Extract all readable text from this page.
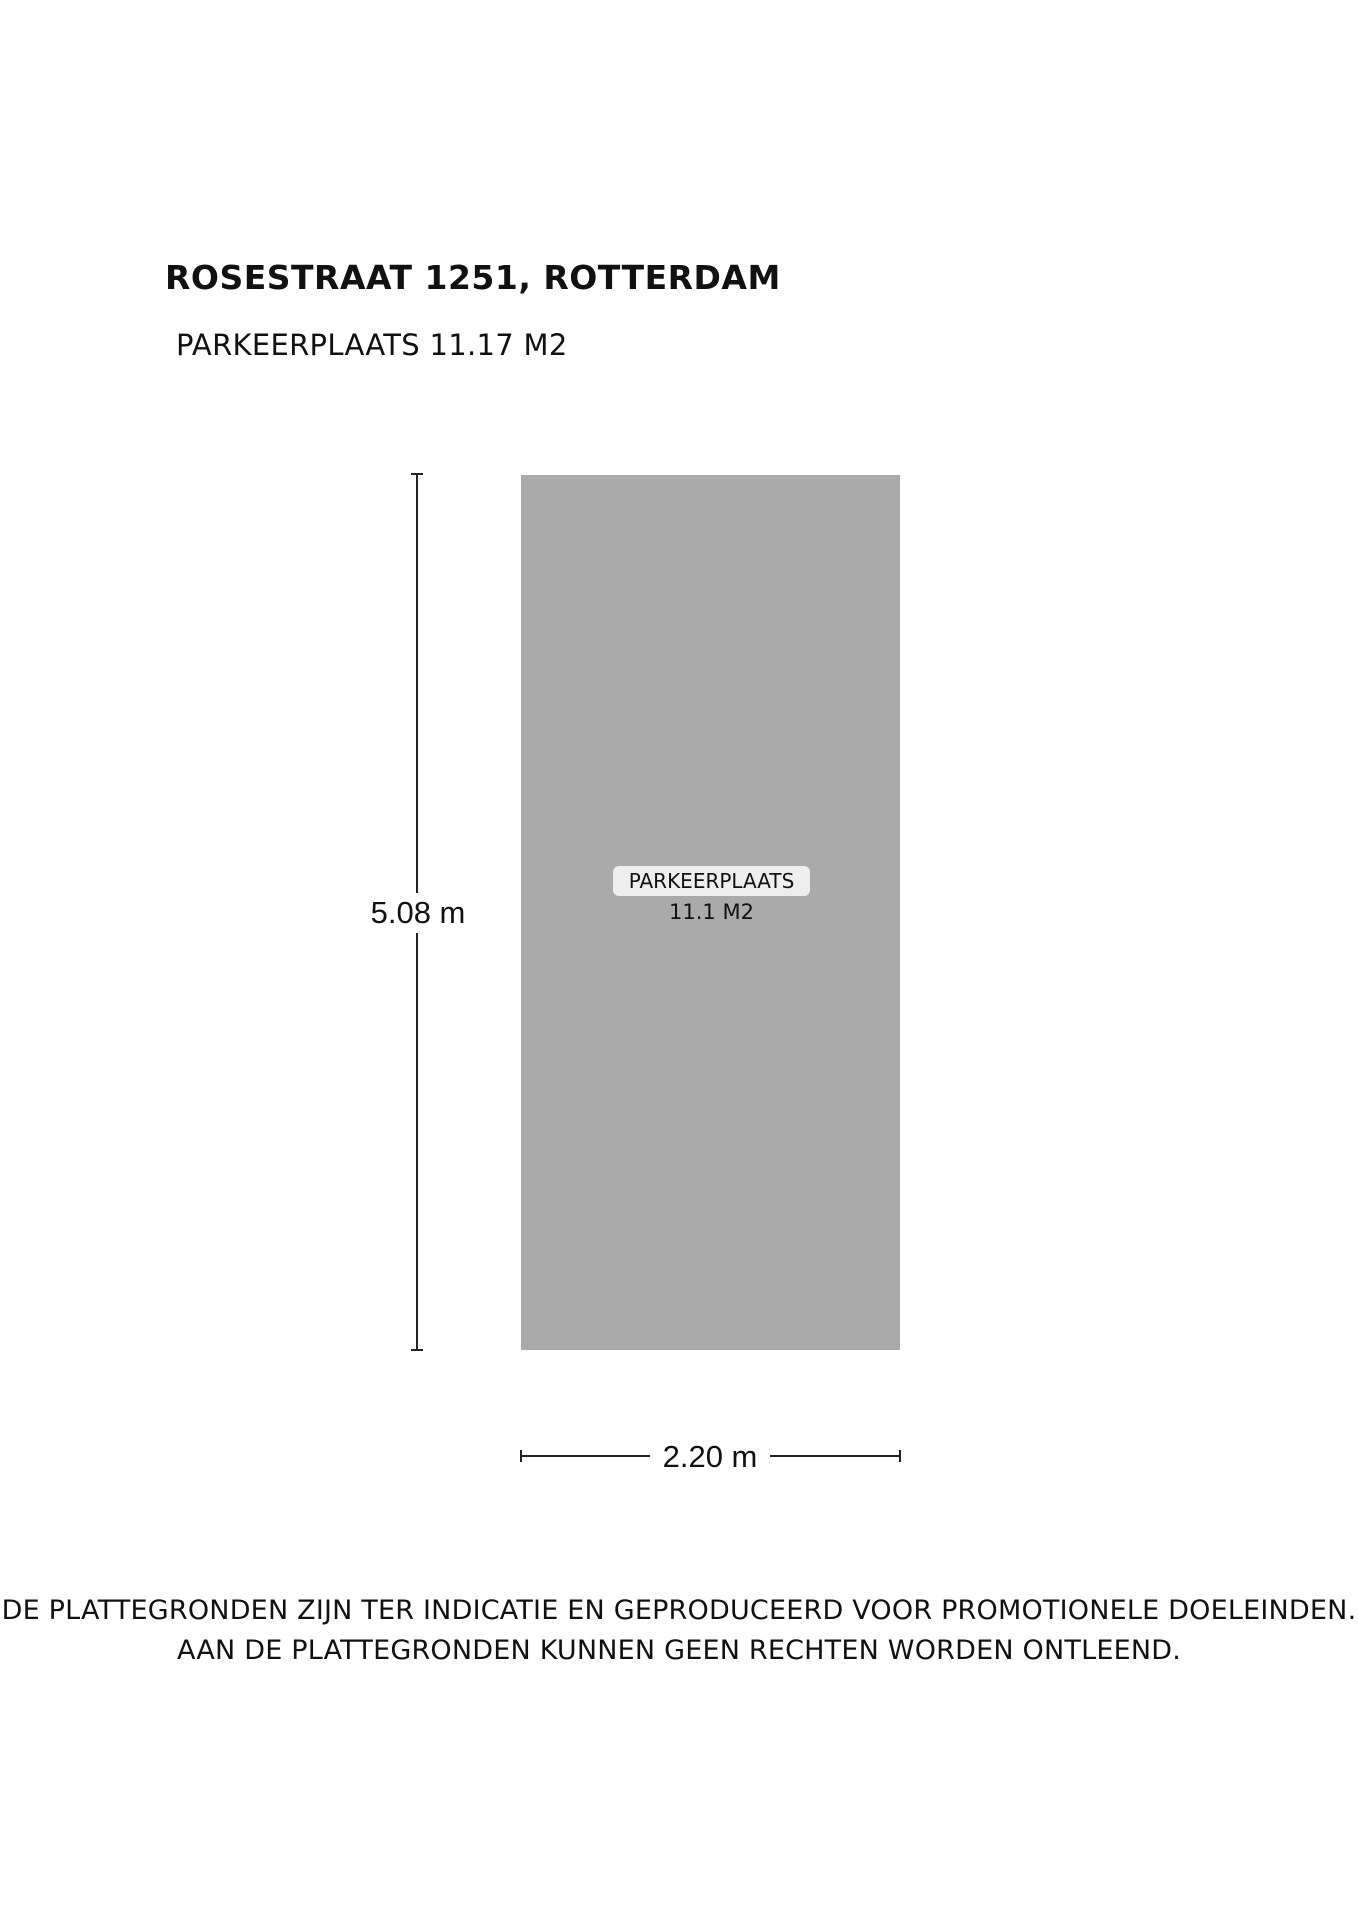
ROSESTRAAT 1251, ROTTERDAM
PARKEERPLAATS 11.17 M2
PARKEERPLAATS
11.1 M2
5.08 m
2.20 m
DE PLATTEGRONDEN ZIJN TER INDICATIE EN GEPRODUCEERD VOOR PROMOTIONELE DOELEINDEN.
AAN DE PLATTEGRONDEN KUNNEN GEEN RECHTEN WORDEN ONTLEEND.
